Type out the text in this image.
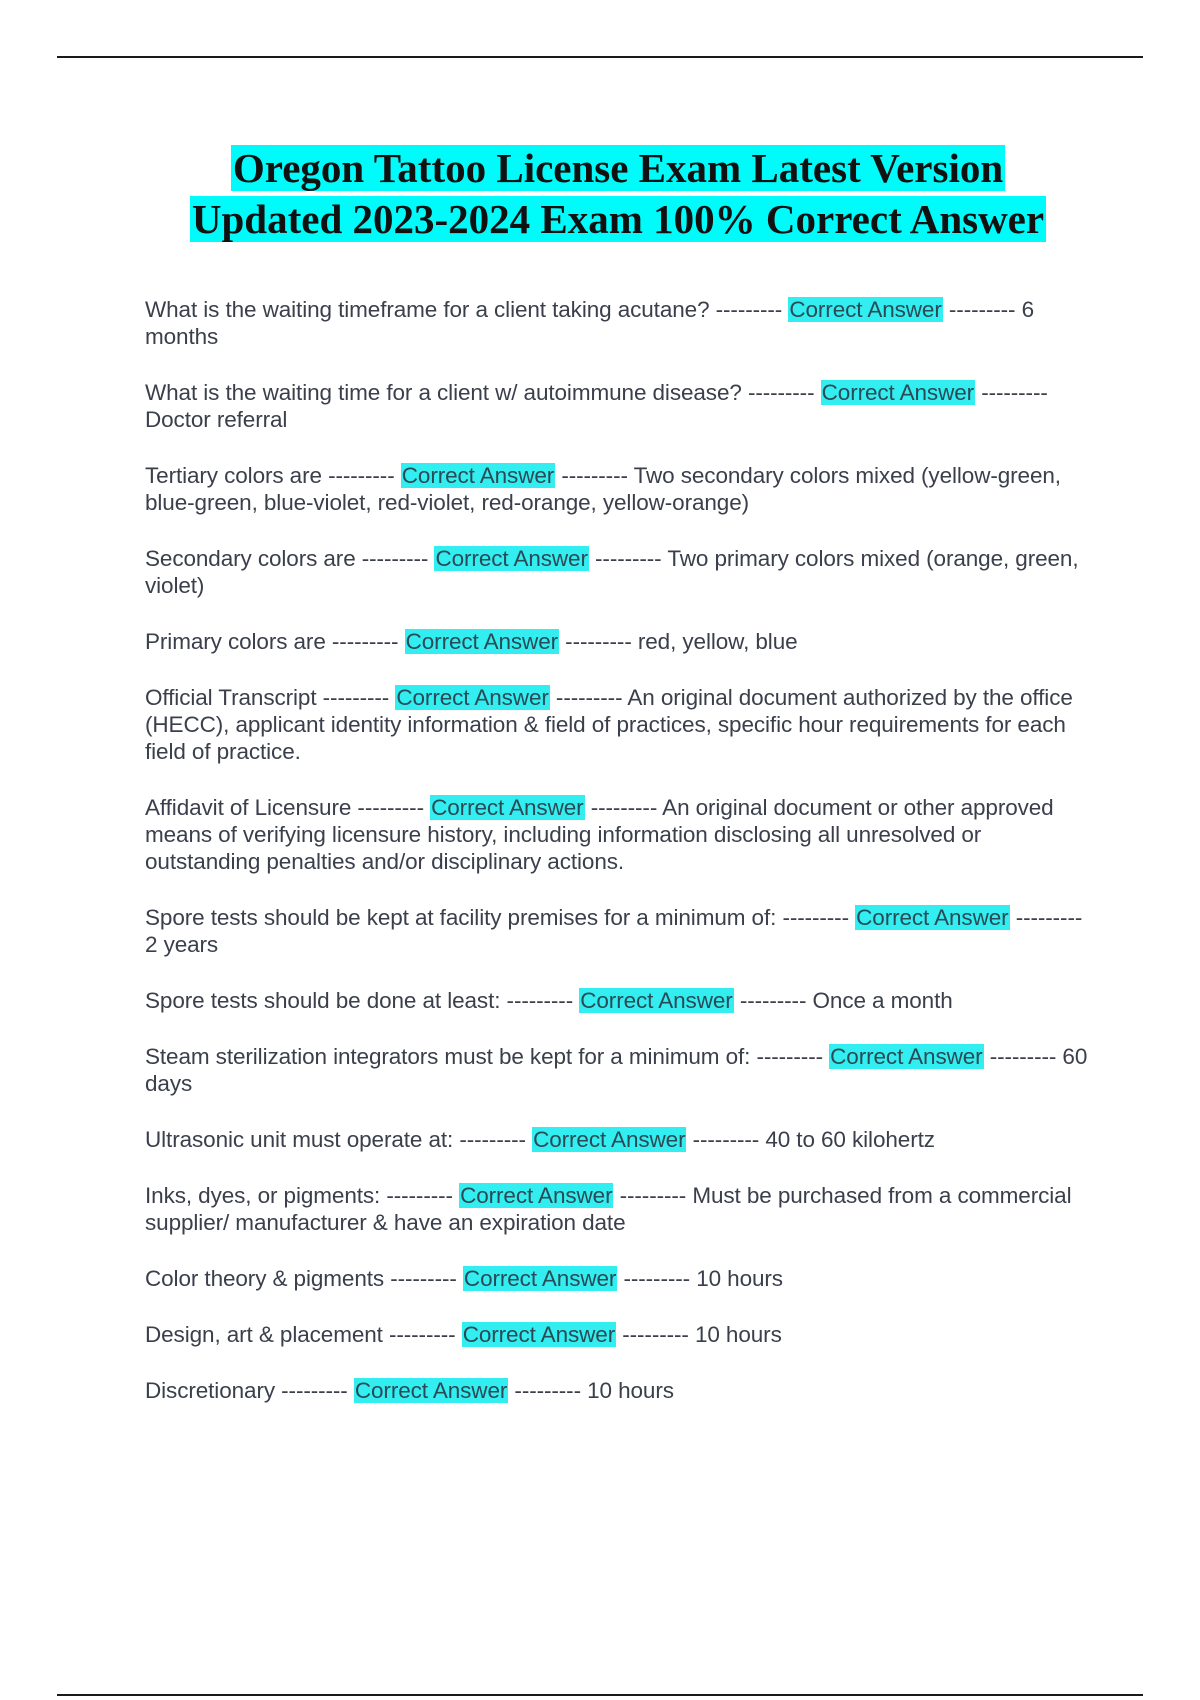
Oregon Tattoo License Exam Latest Version
Updated 2023-2024 Exam 100% Correct Answer
What is the waiting timeframe for a client taking acutane? --------- Correct Answer --------- 6 months
What is the waiting time for a client w/ autoimmune disease? --------- Correct Answer --------- Doctor referral
Tertiary colors are --------- Correct Answer --------- Two secondary colors mixed (yellow-green, blue-green, blue-violet, red-violet, red-orange, yellow-orange)
Secondary colors are --------- Correct Answer --------- Two primary colors mixed (orange, green, violet)
Primary colors are --------- Correct Answer --------- red, yellow, blue
Official Transcript --------- Correct Answer --------- An original document authorized by the office (HECC), applicant identity information & field of practices, specific hour requirements for each field of practice.
Affidavit of Licensure --------- Correct Answer --------- An original document or other approved means of verifying licensure history, including information disclosing all unresolved or outstanding penalties and/or disciplinary actions.
Spore tests should be kept at facility premises for a minimum of: --------- Correct Answer --------- 2 years
Spore tests should be done at least: --------- Correct Answer --------- Once a month
Steam sterilization integrators must be kept for a minimum of: --------- Correct Answer --------- 60 days
Ultrasonic unit must operate at: --------- Correct Answer --------- 40 to 60 kilohertz
Inks, dyes, or pigments: --------- Correct Answer --------- Must be purchased from a commercial supplier/ manufacturer & have an expiration date
Color theory & pigments --------- Correct Answer --------- 10 hours
Design, art & placement --------- Correct Answer --------- 10 hours
Discretionary --------- Correct Answer --------- 10 hours
